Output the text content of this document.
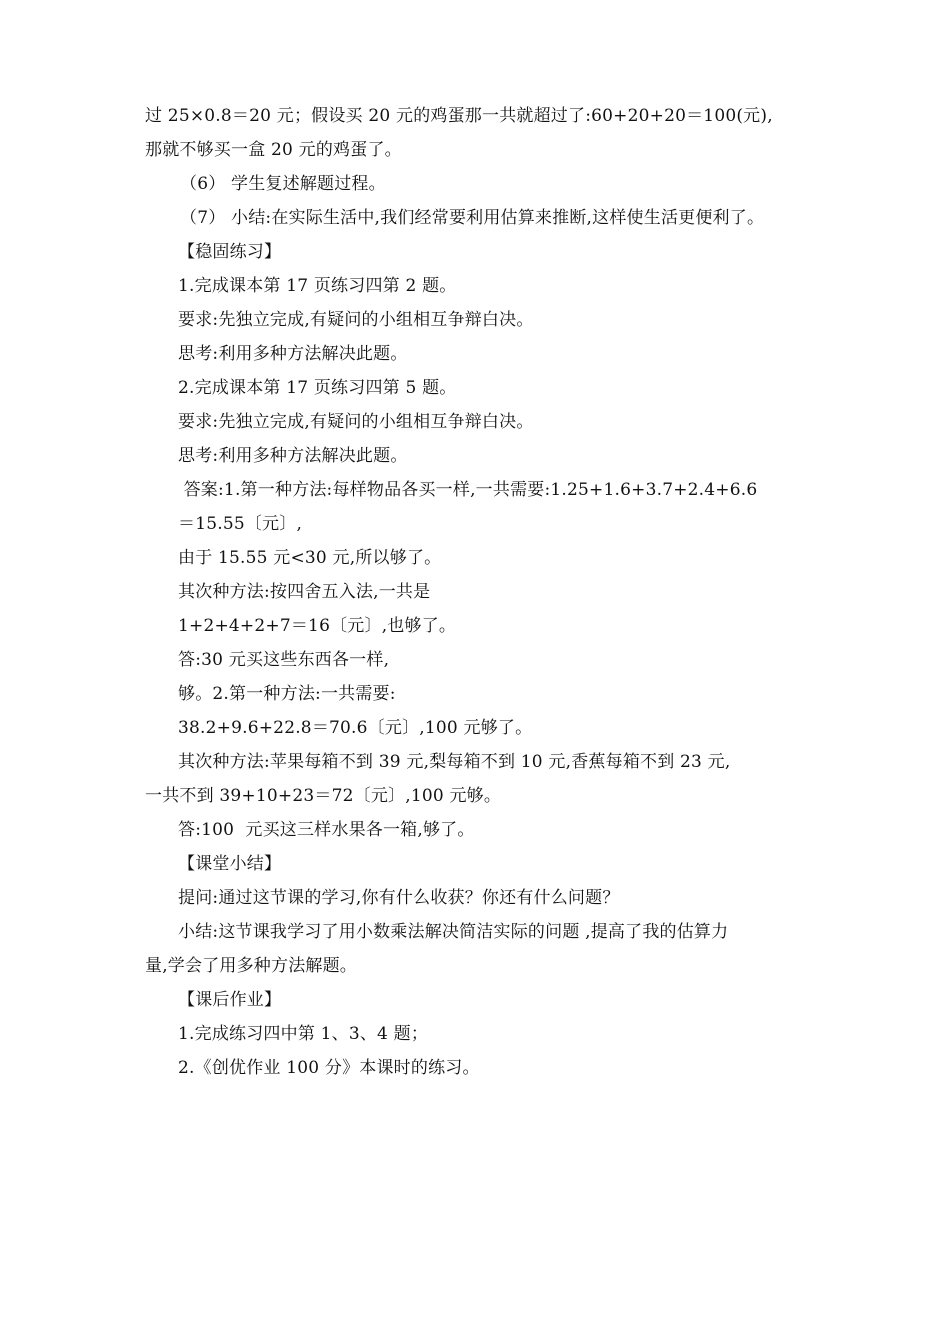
过 25×0.8＝20 元；假设买 20 元的鸡蛋那一共就超过了:60+20+20＝100(元),
那就不够买一盒 20 元的鸡蛋了。
（6） 学生复述解题过程。
（7） 小结:在实际生活中,我们经常要利用估算来推断,这样使生活更便利了。
【稳固练习】
1.完成课本第 17 页练习四第 2 题。
要求:先独立完成,有疑问的小组相互争辩白决。
思考:利用多种方法解决此题。
2.完成课本第 17 页练习四第 5 题。
要求:先独立完成,有疑问的小组相互争辩白决。
思考:利用多种方法解决此题。
答案:1.第一种方法:每样物品各买一样,一共需要:1.25+1.6+3.7+2.4+6.6
＝15.55〔元〕,
由于 15.55 元<30 元,所以够了。
其次种方法:按四舍五入法,一共是
1+2+4+2+7＝16〔元〕,也够了。
答:30 元买这些东西各一样,
够。2.第一种方法:一共需要:
38.2+9.6+22.8＝70.6〔元〕,100 元够了。
其次种方法:苹果每箱不到 39 元,梨每箱不到 10 元,香蕉每箱不到 23 元,
一共不到 39+10+23＝72〔元〕,100 元够。
答:100  元买这三样水果各一箱,够了。
【课堂小结】
提问:通过这节课的学习,你有什么收获？你还有什么问题？
小结:这节课我学习了用小数乘法解决简洁实际的问题 ,提高了我的估算力
量,学会了用多种方法解题。
【课后作业】
1.完成练习四中第 1、3、4 题；
2.《创优作业 100 分》本课时的练习。
